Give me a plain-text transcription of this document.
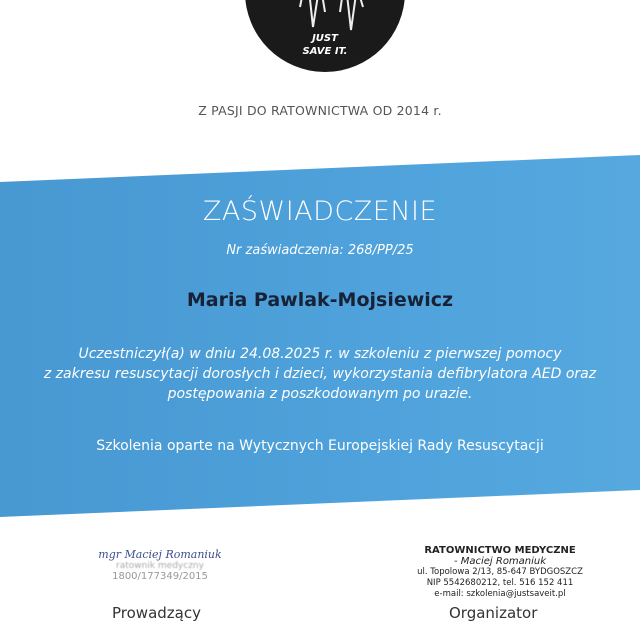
JUST
SAVE IT.
Z PASJI DO RATOWNICTWA OD 2014 r.
ZAŚWIADCZENIE
Nr zaświadczenia: 268/PP/25
Maria Pawlak-Mojsiewicz
Uczestniczył(a) w dniu 24.08.2025 r. w szkoleniu z pierwszej pomocy
z zakresu resuscytacji dorosłych i dzieci, wykorzystania defibrylatora AED oraz
postępowania z poszkodowanym po urazie.
Szkolenia oparte na Wytycznych Europejskiej Rady Resuscytacji
mgr Maciej Romaniuk
ratownik medyczny
1800/177349/2015
Prowadzący
RATOWNICTWO MEDYCZNE
- Maciej Romaniuk
ul. Topolowa 2/13, 85-647 BYDGOSZCZ
NIP 5542680212, tel. 516 152 411
e-mail: szkolenia@justsaveit.pl
Organizator
